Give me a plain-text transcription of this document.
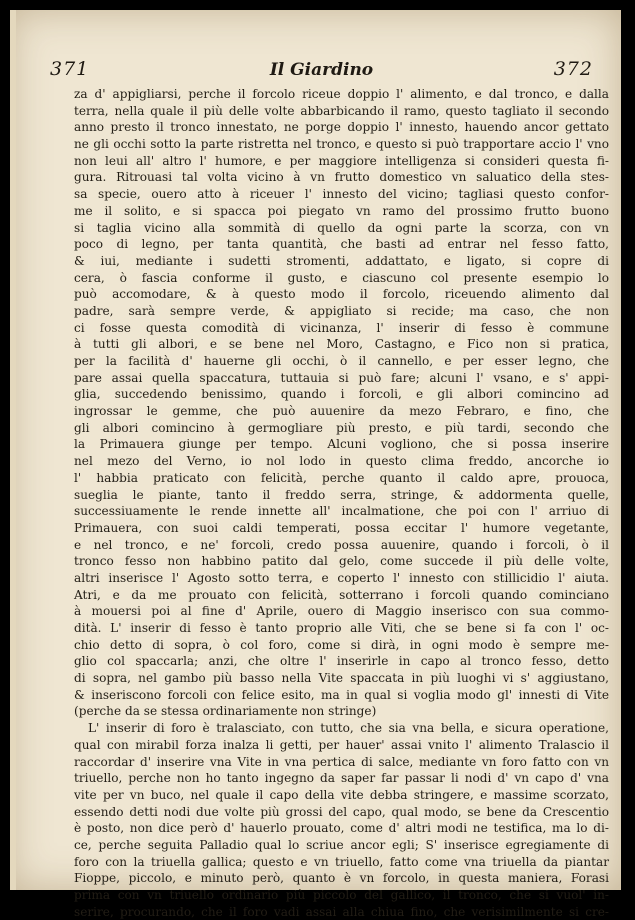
371	Il Giardino	372
za d' appigliarsi, perche il forcolo riceue doppio l' alimento, e dal tronco, e dalla
terra, nella quale il più delle volte abbarbicando il ramo, questo tagliato il secondo
anno presto il tronco innestato, ne porge doppio l' innesto, hauendo ancor gettato
ne gli occhi sotto la parte ristretta nel tronco, e questo si può trapportare accio l' vno
non leui all' altro l' humore, e per maggiore intelligenza si consideri questa fi-
gura. Ritrouasi tal volta vicino à vn frutto domestico vn saluatico della stes-
sa specie, ouero atto à riceuer l' innesto del vicino; tagliasi questo confor-
me il solito, e si spacca poi piegato vn ramo del prossimo frutto buono
si taglia vicino alla sommità di quello da ogni parte la scorza, con vn
poco di legno, per tanta quantità, che basti ad entrar nel fesso fatto,
& iui, mediante i sudetti stromenti, addattato, e ligato, si copre di
cera, ò fascia conforme il gusto, e ciascuno col presente esempio lo
può accomodare, & à questo modo il forcolo, riceuendo alimento dal
padre, sarà sempre verde, & appigliato si recide; ma caso, che non
ci fosse questa comodità di vicinanza, l' inserir di fesso è commune
à tutti gli albori, e se bene nel Moro, Castagno, e Fico non si pratica,
per la facilità d' hauerne gli occhi, ò il cannello, e per esser legno, che
pare assai quella spaccatura, tuttauia si può fare; alcuni l' vsano, e s' appi-
glia, succedendo benissimo, quando i forcoli, e gli albori comincino ad
ingrossar le gemme, che può auuenire da mezo Febraro, e fino, che
gli albori comincino à germogliare più presto, e più tardi, secondo che
la Primauera giunge per tempo. Alcuni vogliono, che si possa inserire
nel mezo del Verno, io nol lodo in questo clima freddo, ancorche io
l' habbia praticato con felicità, perche quanto il caldo apre, prouoca,
sueglia le piante, tanto il freddo serra, stringe, & addormenta quelle,
successiuamente le rende innette all' incalmatione, che poi con l' arriuo di
Primauera, con suoi caldi temperati, possa eccitar l' humore vegetante,
e nel tronco, e ne' forcoli, credo possa auuenire, quando i forcoli, ò il
tronco fesso non habbino patito dal gelo, come succede il più delle volte,
altri inserisce l' Agosto sotto terra, e coperto l' innesto con stillicidio l' aiuta.
Atri, e da me prouato con felicità, sotterrano i forcoli quando cominciano
à mouersi poi al fine d' Aprile, ouero di Maggio inserisco con sua commo-
dità. L' inserir di fesso è tanto proprio alle Viti, che se bene si fa con l' oc-
chio detto di sopra, ò col foro, come si dirà, in ogni modo è sempre me-
glio col spaccarla; anzi, che oltre l' inserirle in capo al tronco fesso, detto
di sopra, nel gambo più basso nella Vite spaccata in più luoghi vi s' aggiustano,
& inseriscono forcoli con felice esito, ma in qual si voglia modo gl' innesti di Vite
(perche da se stessa ordinariamente non stringe)
L' inserir di foro è tralasciato, con tutto, che sia vna bella, e sicura operatione,
qual con mirabil forza inalza li getti, per hauer' assai vnito l' alimento Tralascio il
raccordar d' inserire vna Vite in vna pertica di salce, mediante vn foro fatto con vn
triuello, perche non ho tanto ingegno da saper far passar li nodi d' vn capo d' vna
vite per vn buco, nel quale il capo della vite debba stringere, e massime scorzato,
essendo detti nodi due volte più grossi del capo, qual modo, se bene da Crescentio
è posto, non dice però d' hauerlo prouato, come d' altri modi ne testifica, ma lo di-
ce, perche seguita Palladio qual lo scriue ancor egli; S' inserisce egregiamente di
foro con la triuella gallica; questo e vn triuello, fatto come vna triuella da piantar
Fioppe, piccolo, e minuto però, quanto è vn forcolo, in questa maniera, Forasi
prima con vn triuello ordinario più piccolo del gallico, il tronco, che si vuol' in-
serire, procurando, che il foro vadi assai alla chiua fino, che verisimilmente si cre-
